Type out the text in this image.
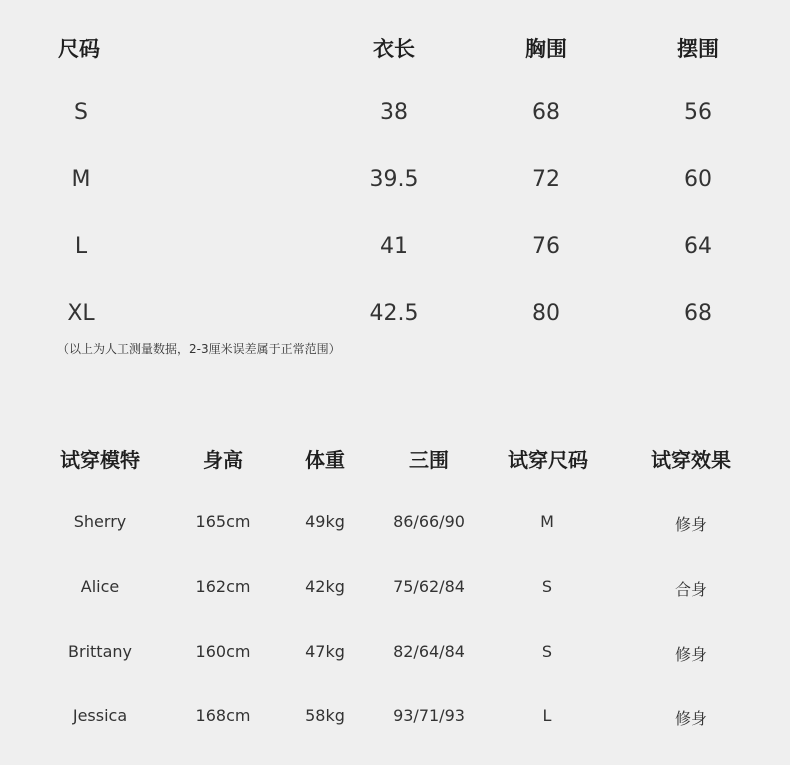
尺码	衣长	胸围	摆围
S	38	68	56
M	39.5	72	60
L	41	76	64
XL	42.5	80	68
（以上为人工测量数据，2-3厘米误差属于正常范围）
试穿模特	身高	体重	三围	试穿尺码	试穿效果
Sherry	165cm	49kg	86/66/90	M	修身
Alice	162cm	42kg	75/62/84	S	合身
Brittany	160cm	47kg	82/64/84	S	修身
Jessica	168cm	58kg	93/71/93	L	修身
